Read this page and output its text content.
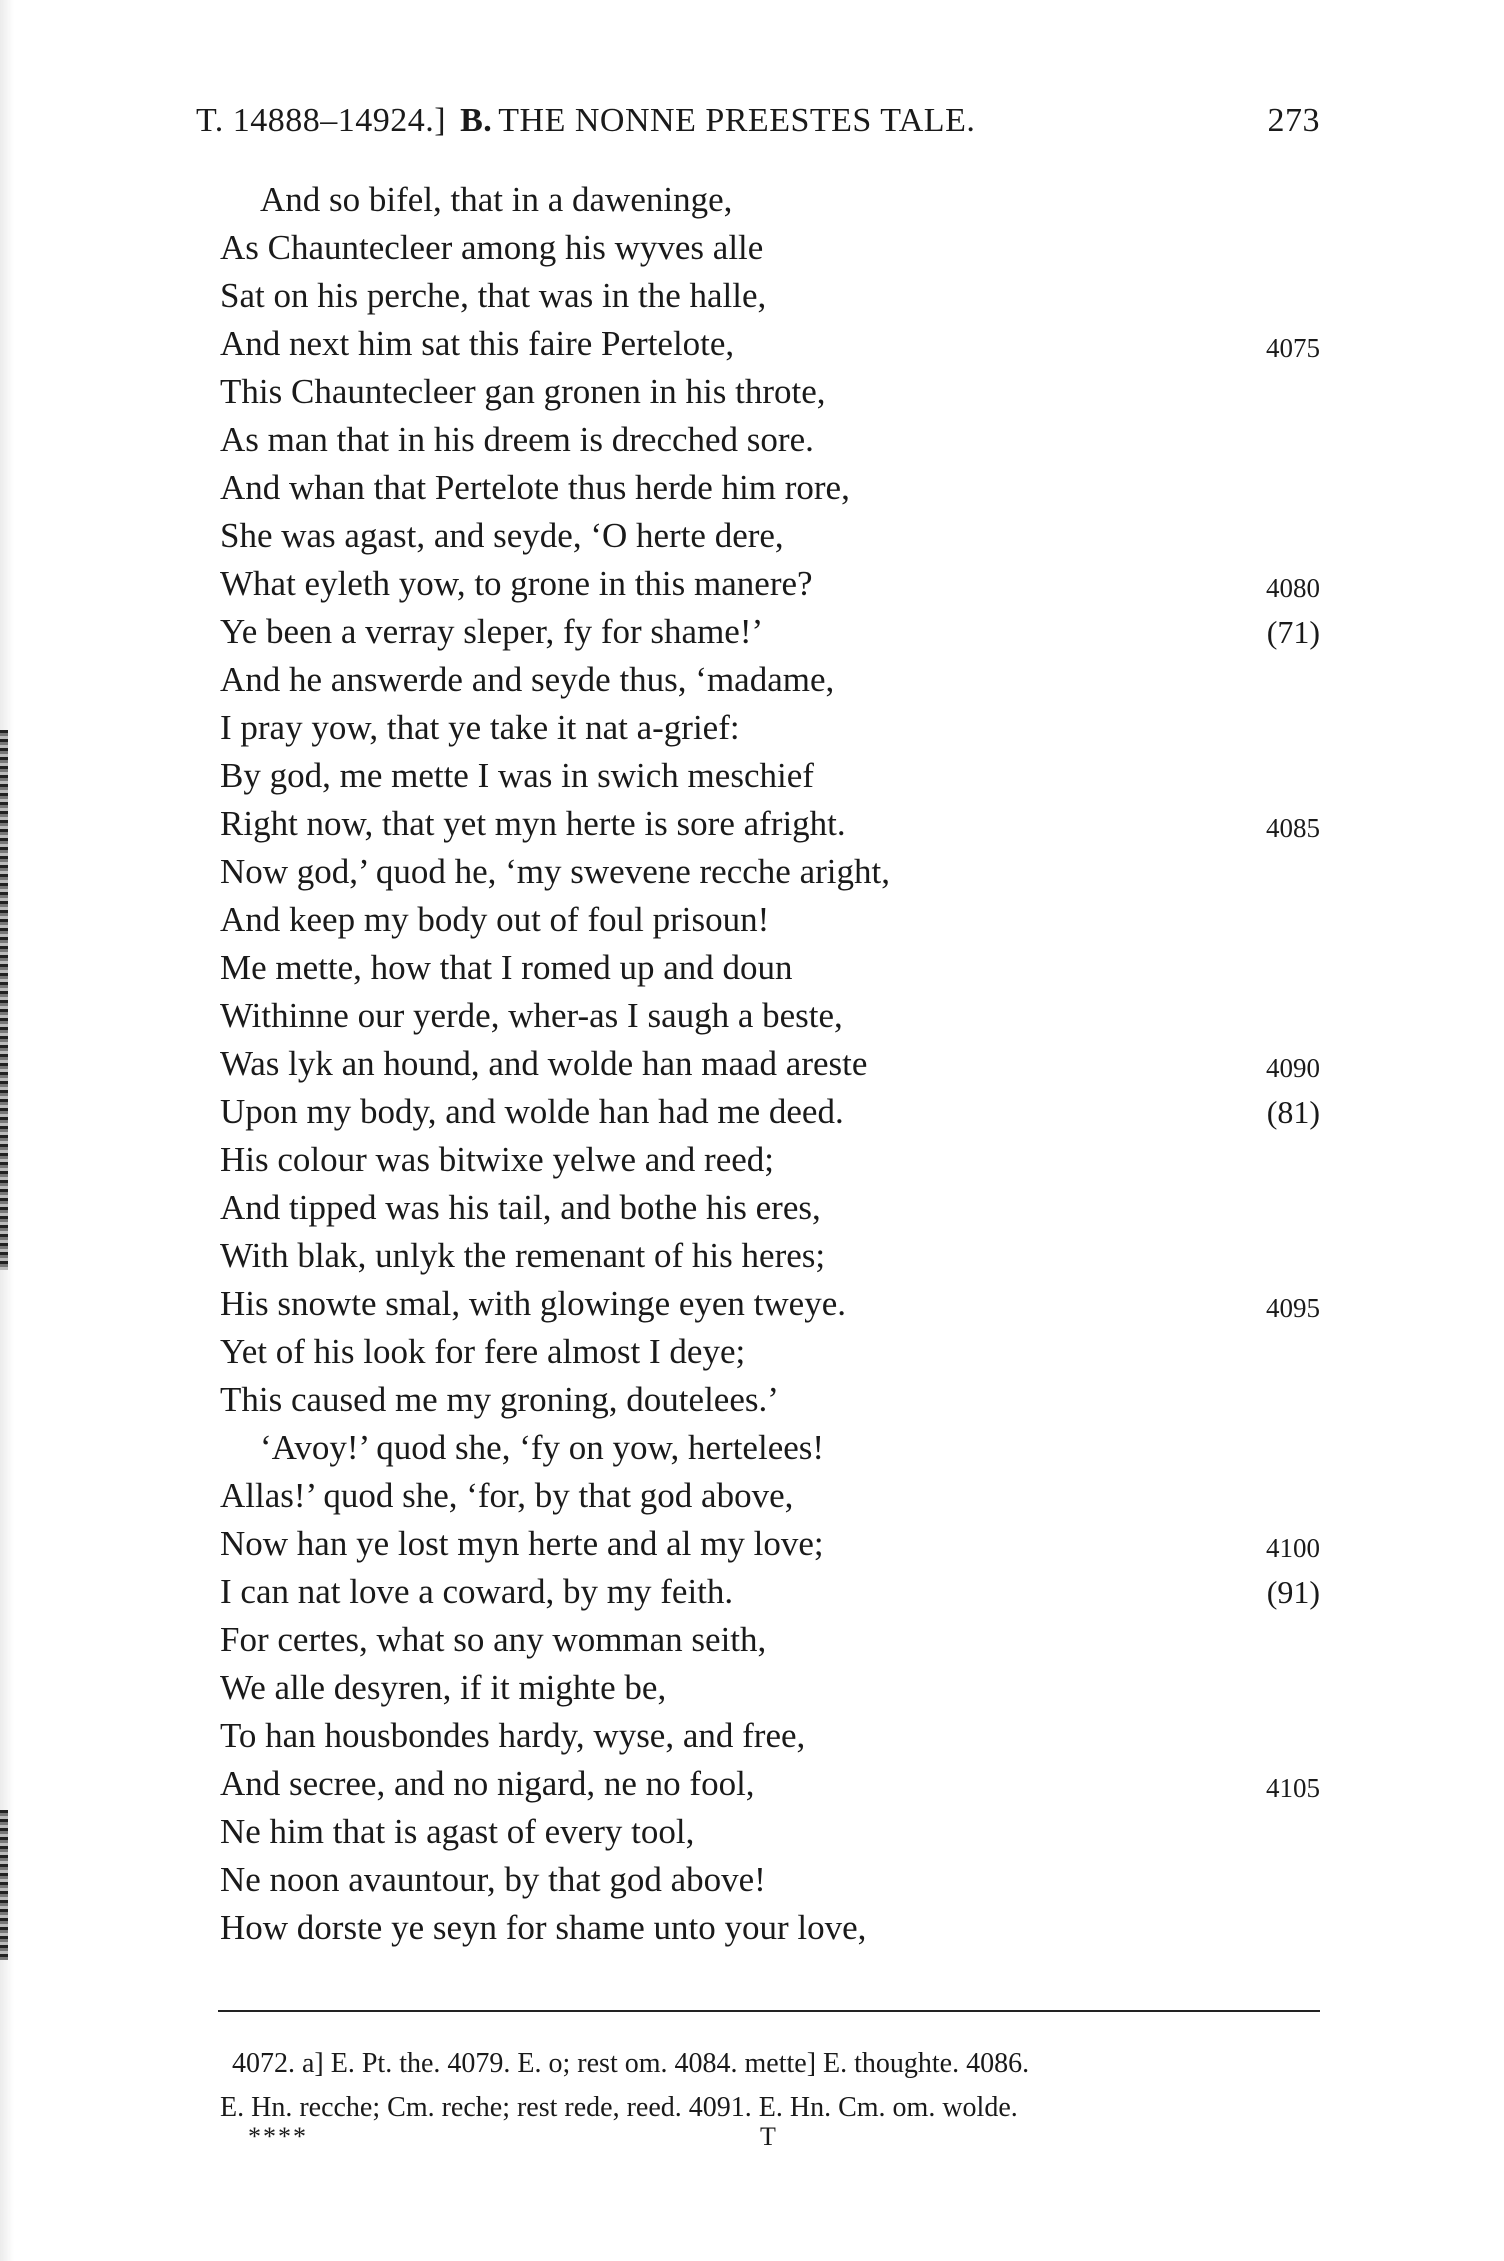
T. 14888–14924.] B. THE NONNE PREESTES TALE.	273
And so bifel, that in a daweninge,
As Chauntecleer among his wyves alle
Sat on his perche, that was in the halle,
And next him sat this faire Pertelote,	4075
This Chauntecleer gan gronen in his throte,
As man that in his dreem is drecched sore.
And whan that Pertelote thus herde him rore,
She was agast, and seyde, ‘O herte dere,
What eyleth yow, to grone in this manere?	4080
Ye been a verray sleper, fy for shame!’	(71)
And he answerde and seyde thus, ‘madame,
I pray yow, that ye take it nat a-grief:
By god, me mette I was in swich meschief
Right now, that yet myn herte is sore afright.	4085
Now god,’ quod he, ‘my swevene recche aright,
And keep my body out of foul prisoun!
Me mette, how that I romed up and doun
Withinne our yerde, wher-as I saugh a beste,
Was lyk an hound, and wolde han maad areste	4090
Upon my body, and wolde han had me deed.	(81)
His colour was bitwixe yelwe and reed;
And tipped was his tail, and bothe his eres,
With blak, unlyk the remenant of his heres;
His snowte smal, with glowinge eyen tweye.	4095
Yet of his look for fere almost I deye;
This caused me my groning, doutelees.’
‘Avoy!’ quod she, ‘fy on yow, hertelees!
Allas!’ quod she, ‘for, by that god above,
Now han ye lost myn herte and al my love;	4100
I can nat love a coward, by my feith.	(91)
For certes, what so any womman seith,
We alle desyren, if it mighte be,
To han housbondes hardy, wyse, and free,
And secree, and no nigard, ne no fool,	4105
Ne him that is agast of every tool,
Ne noon avauntour, by that god above!
How dorste ye seyn for shame unto your love,

4072. a] E. Pt. the. 4079. E. o; rest om. 4084. mette] E. thoughte. 4086.

E. Hn. recche; Cm. reche; rest rede, reed. 4091. E. Hn. Cm. om. wolde.

****	T
